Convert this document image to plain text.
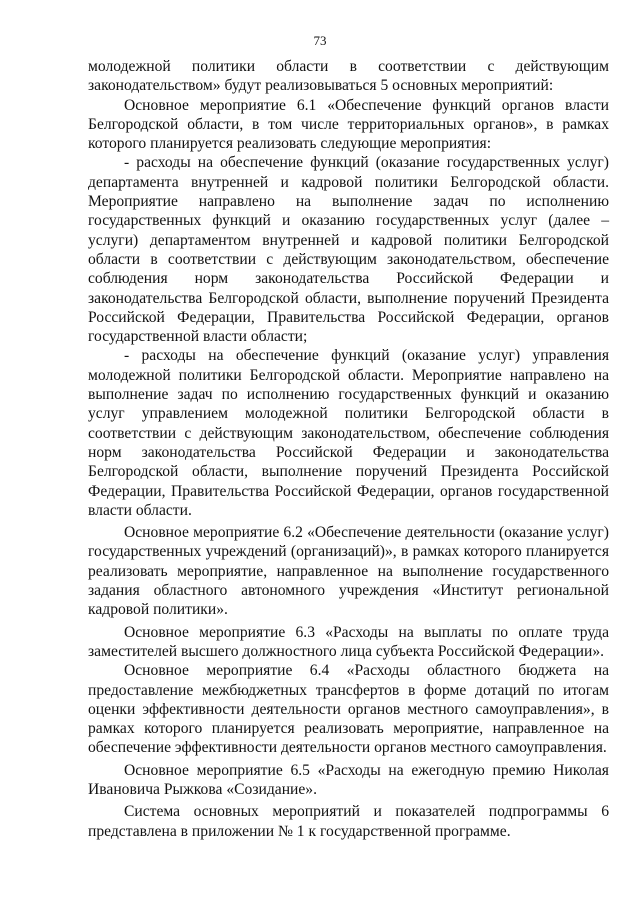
73

молодежной политики области в соответствии с действующим законодательством» будут реализовываться 5 основных мероприятий:

Основное мероприятие 6.1 «Обеспечение функций органов власти Белгородской области, в том числе территориальных органов», в рамках которого планируется реализовать следующие мероприятия:

- расходы на обеспечение функций (оказание государственных услуг) департамента внутренней и кадровой политики Белгородской области. Мероприятие направлено на выполнение задач по исполнению государственных функций и оказанию государственных услуг (далее – услуги) департаментом внутренней и кадровой политики Белгородской области в соответствии с действующим законодательством, обеспечение соблюдения норм законодательства Российской Федерации и законодательства Белгородской области, выполнение поручений Президента Российской Федерации, Правительства Российской Федерации, органов государственной власти области;

- расходы на обеспечение функций (оказание услуг) управления молодежной политики Белгородской области. Мероприятие направлено на выполнение задач по исполнению государственных функций и оказанию услуг управлением молодежной политики Белгородской области в соответствии с действующим законодательством, обеспечение соблюдения норм законодательства Российской Федерации и законодательства Белгородской области, выполнение поручений Президента Российской Федерации, Правительства Российской Федерации, органов государственной власти области.

Основное мероприятие 6.2 «Обеспечение деятельности (оказание услуг) государственных учреждений (организаций)», в рамках которого планируется реализовать мероприятие, направленное на выполнение государственного задания областного автономного учреждения «Институт региональной кадровой политики».

Основное мероприятие 6.3 «Расходы на выплаты по оплате труда заместителей высшего должностного лица субъекта Российской Федерации».

Основное мероприятие 6.4 «Расходы областного бюджета на предоставление межбюджетных трансфертов в форме дотаций по итогам оценки эффективности деятельности органов местного самоуправления», в рамках которого планируется реализовать мероприятие, направленное на обеспечение эффективности деятельности органов местного самоуправления.

Основное мероприятие 6.5 «Расходы на ежегодную премию Николая Ивановича Рыжкова «Созидание».

Система основных мероприятий и показателей подпрограммы 6 представлена в приложении № 1 к государственной программе.
